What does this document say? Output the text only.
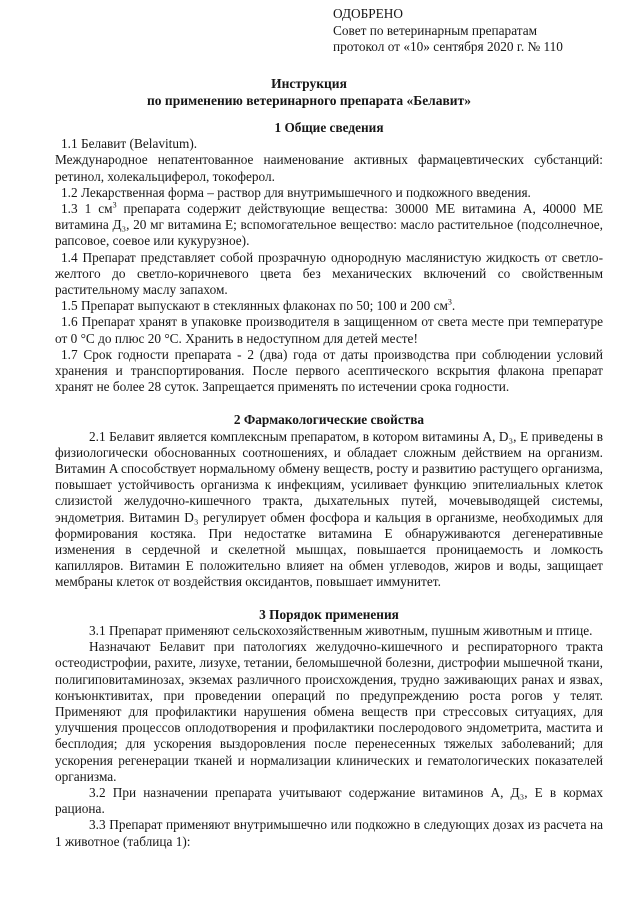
ОДОБРЕНО
Совет по ветеринарным препаратам
протокол от «10» сентября 2020 г. № 110
Инструкция
по применению ветеринарного препарата «Белавит»
1 Общие сведения

1.1 Белавит (Belavitum).

Международное непатентованное наименование активных фармацевтических субстанций: ретинол, холекальциферол, токоферол.

1.2 Лекарственная форма – раствор для внутримышечного и подкожного введения.

1.3 1 $см^3$ препарата содержит действующие вещества: 30000 МЕ витамина А, 40000 МЕ витамина Д₃, 20 мг витамина Е; вспомогательное вещество: масло растительное (подсолнечное, рапсовое, соевое или кукурузное).

1.4 Препарат представляет собой прозрачную однородную маслянистую жидкость от светло-желтого до светло-коричневого цвета без механических включений со свойственным растительному маслу запахом.

1.5 Препарат выпускают в стеклянных флаконах по 50; 100 и 200 $см^3$.

1.6 Препарат хранят в упаковке производителя в защищенном от света месте при температуре от 0 °С до плюс 20 °С. Хранить в недоступном для детей месте!

1.7 Срок годности препарата - 2 (два) года от даты производства при соблюдении условий хранения и транспортирования. После первого асептического вскрытия флакона препарат хранят не более 28 суток. Запрещается применять по истечении срока годности.

2 Фармакологические свойства

2.1 Белавит является комплексным препаратом, в котором витамины A, D₃, E приведены в физиологически обоснованных соотношениях, и обладает сложным действием на организм. Витамин A способствует нормальному обмену веществ, росту и развитию растущего организма, повышает устойчивость организма к инфекциям, усиливает функцию эпителиальных клеток слизистой желудочно-кишечного тракта, дыхательных путей, мочевыводящей системы, эндометрия. Витамин D₃ регулирует обмен фосфора и кальция в организме, необходимых для формирования костяка. При недостатке витамина E обнаруживаются дегенеративные изменения в сердечной и скелетной мышцах, повышается проницаемость и ломкость капилляров. Витамин E положительно влияет на обмен углеводов, жиров и воды, защищает мембраны клеток от воздействия оксидантов, повышает иммунитет.

3 Порядок применения

3.1 Препарат применяют сельскохозяйственным животным, пушным животным и птице.

Назначают Белавит при патологиях желудочно-кишечного и респираторного тракта остеодистрофии, рахите, лизухе, тетании, беломышечной болезни, дистрофии мышечной ткани, полигиповитаминозах, экземах различного происхождения, трудно заживающих ранах и язвах, конъюнктивитах, при проведении операций по предупреждению роста рогов у телят. Применяют для профилактики нарушения обмена веществ при стрессовых ситуациях, для улучшения процессов оплодотворения и профилактики послеродового эндометрита, мастита и бесплодия; для ускорения выздоровления после перенесенных тяжелых заболеваний; для ускорения регенерации тканей и нормализации клинических и гематологических показателей организма.

3.2 При назначении препарата учитывают содержание витаминов А, Д₃, Е в кормах рациона.

3.3 Препарат применяют внутримышечно или подкожно в следующих дозах из расчета на 1 животное (таблица 1):
